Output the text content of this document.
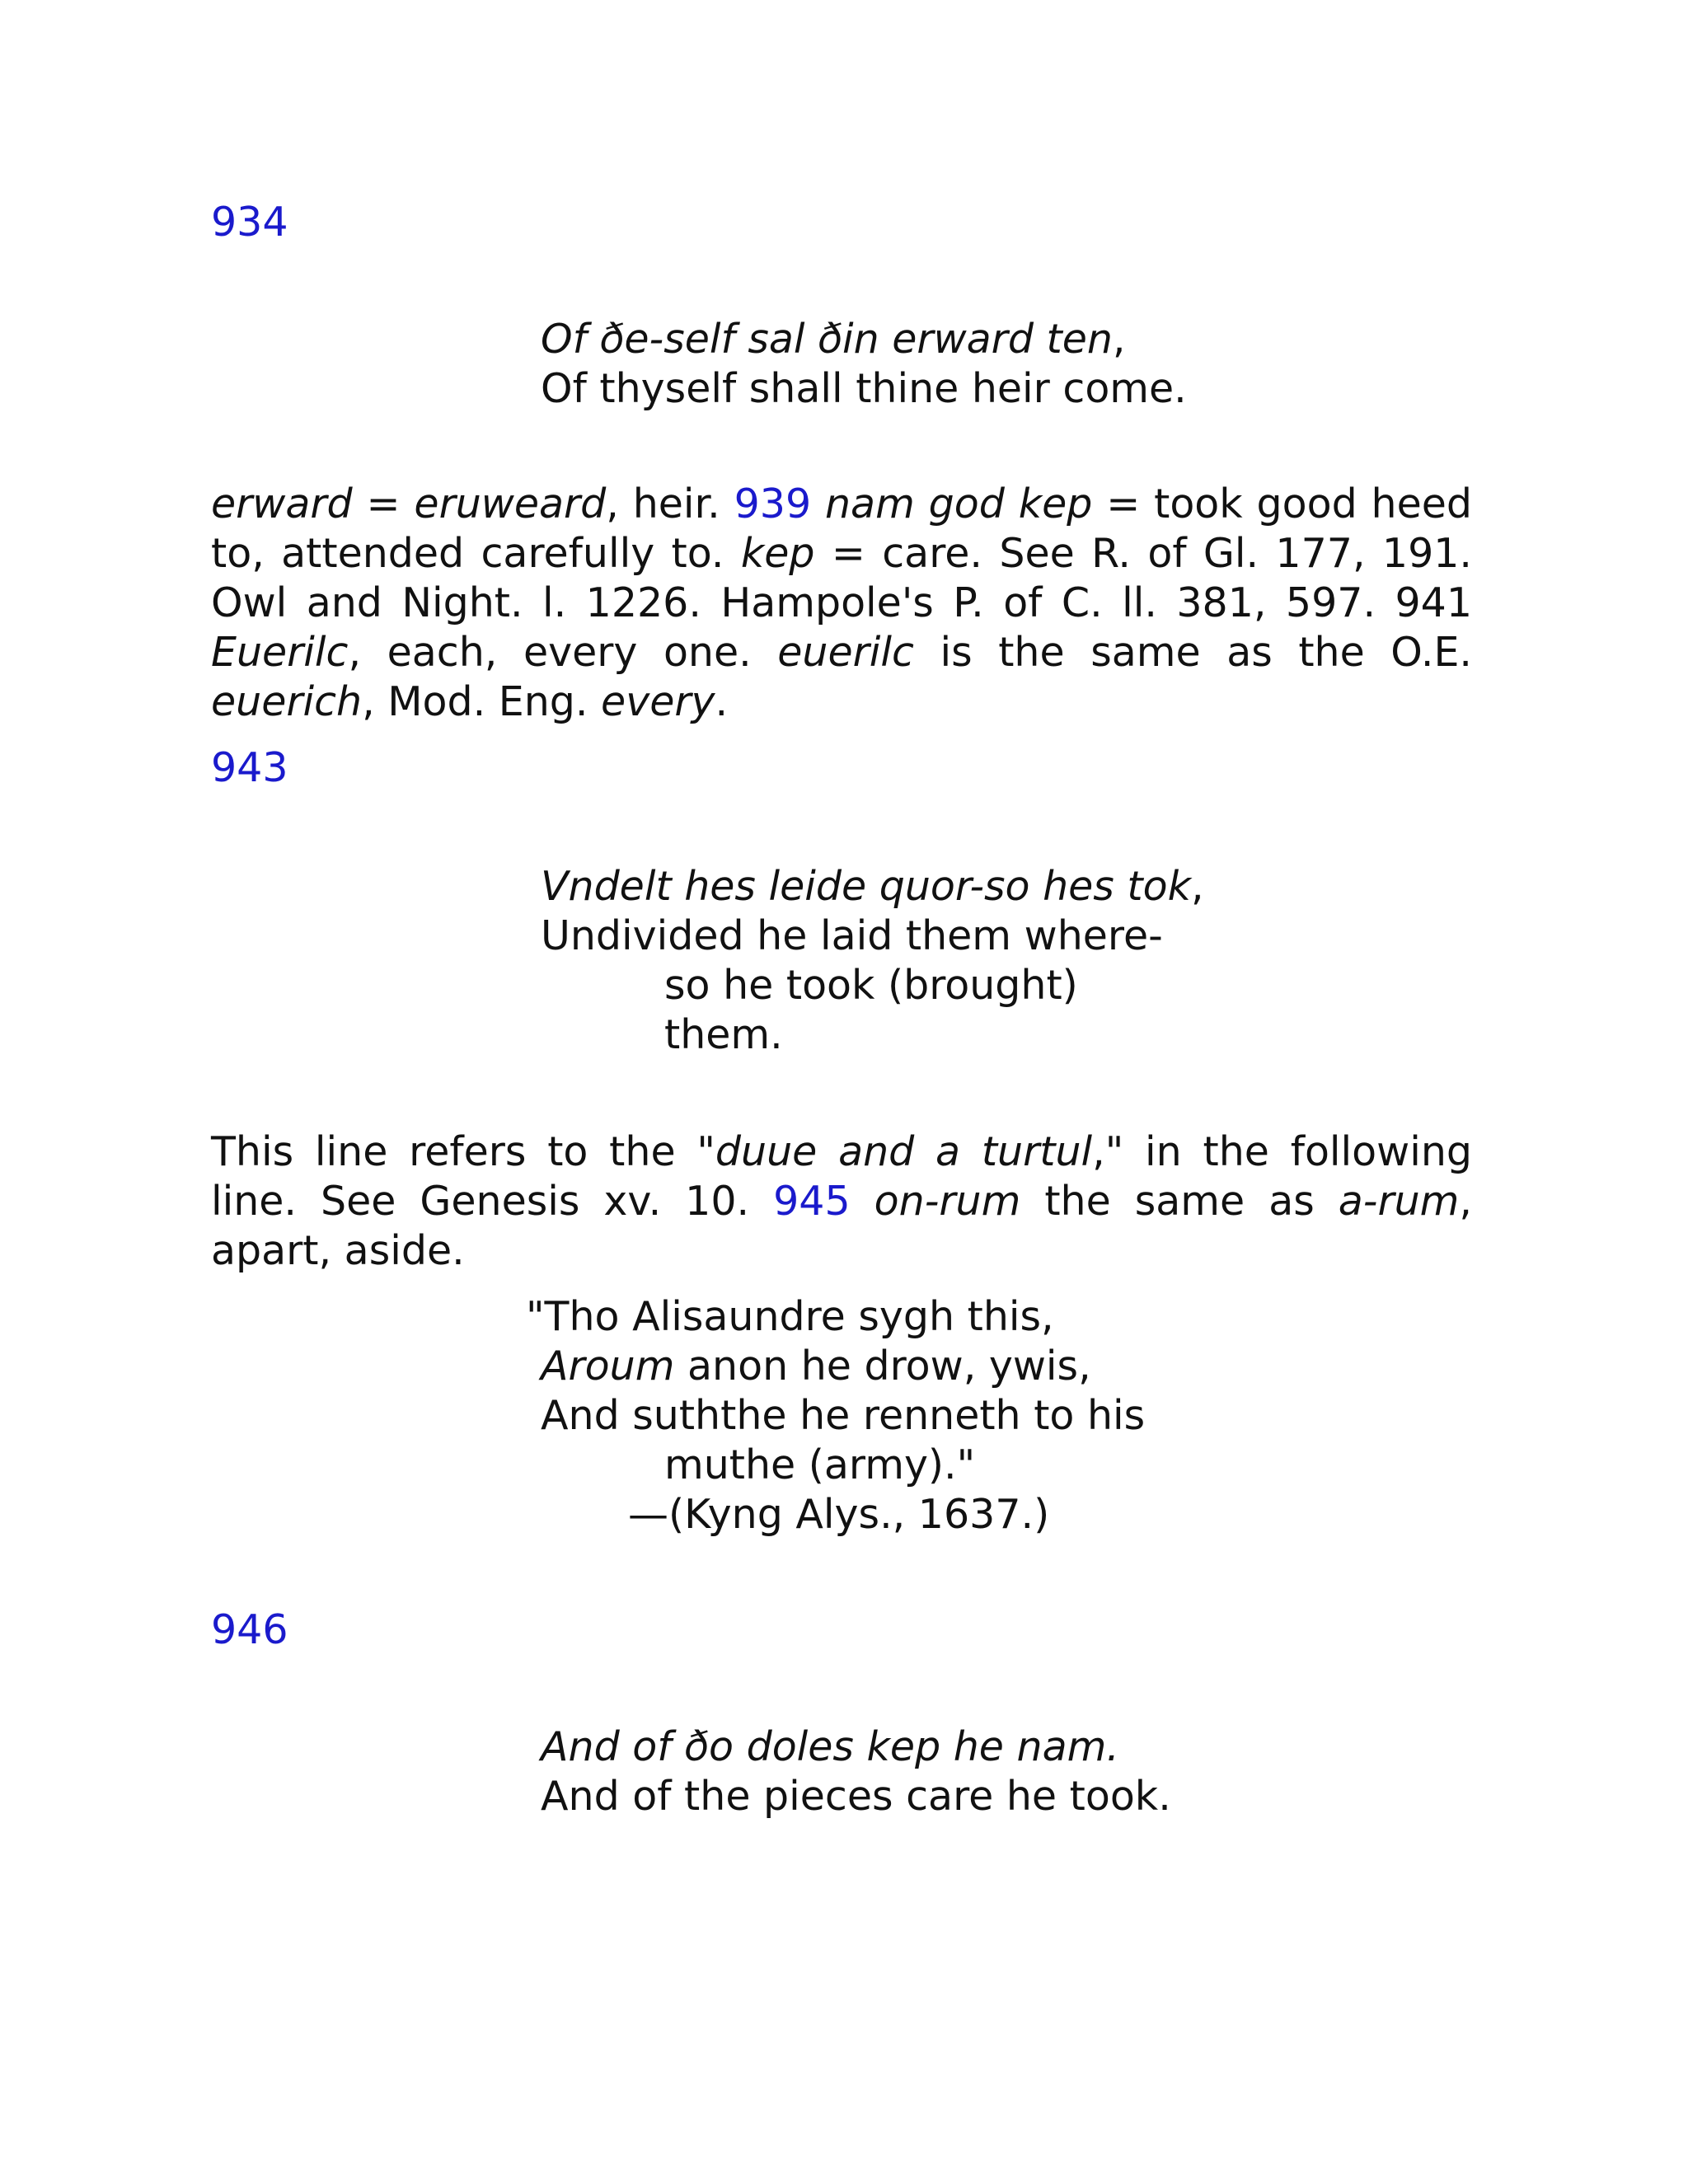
934
Of ðe-self sal ðin erward ten,
Of thyself shall thine heir come.
erward = eruweard, heir. 939 nam god kep = took good heed to, attended carefully to. kep = care. See R. of Gl. 177, 191. Owl and Night. l. 1226. Hampole's P. of C. ll. 381, 597. 941 Euerilc, each, every one. euerilc is the same as the O.E. euerich, Mod. Eng. every.
943
Vndelt hes leide quor-so hes tok,
Undivided he laid them where-
so he took (brought)
them.
This line refers to the "duue and a turtul," in the following line. See Genesis xv. 10. 945 on-rum the same as a-rum, apart, aside.
"Tho Alisaundre sygh this,
Aroum anon he drow, ywis,
And suththe he renneth to his
muthe (army)."
—(Kyng Alys., 1637.)
946
And of ðo doles kep he nam.
And of the pieces care he took.
